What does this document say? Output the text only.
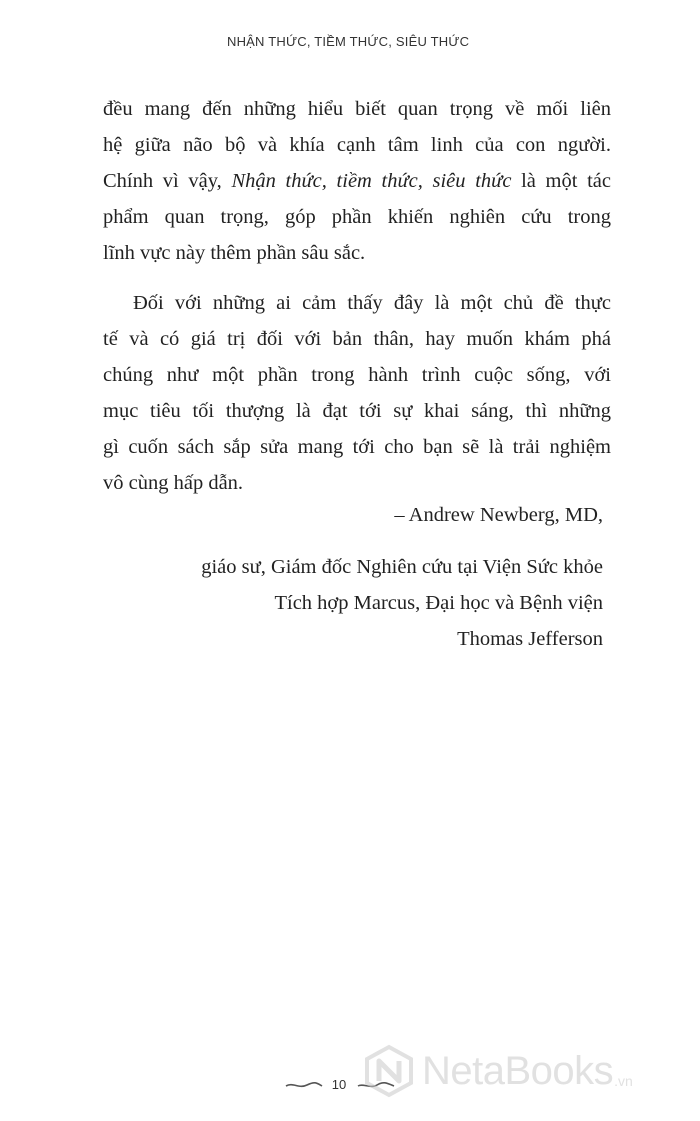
NHẬN THỨC, TIỀM THỨC, SIÊU THỨC
đều mang đến những hiểu biết quan trọng về mối liên
hệ giữa não bộ và khía cạnh tâm linh của con người.
Chính vì vậy, Nhận thức, tiềm thức, siêu thức là một tác
phẩm quan trọng, góp phần khiến nghiên cứu trong
lĩnh vực này thêm phần sâu sắc.
Đối với những ai cảm thấy đây là một chủ đề thực
tế và có giá trị đối với bản thân, hay muốn khám phá
chúng như một phần trong hành trình cuộc sống, với
mục tiêu tối thượng là đạt tới sự khai sáng, thì những
gì cuốn sách sắp sửa mang tới cho bạn sẽ là trải nghiệm
vô cùng hấp dẫn.
– Andrew Newberg, MD,
giáo sư, Giám đốc Nghiên cứu tại Viện Sức khỏe
Tích hợp Marcus, Đại học và Bệnh viện
Thomas Jefferson
10 NetaBooks .vn
